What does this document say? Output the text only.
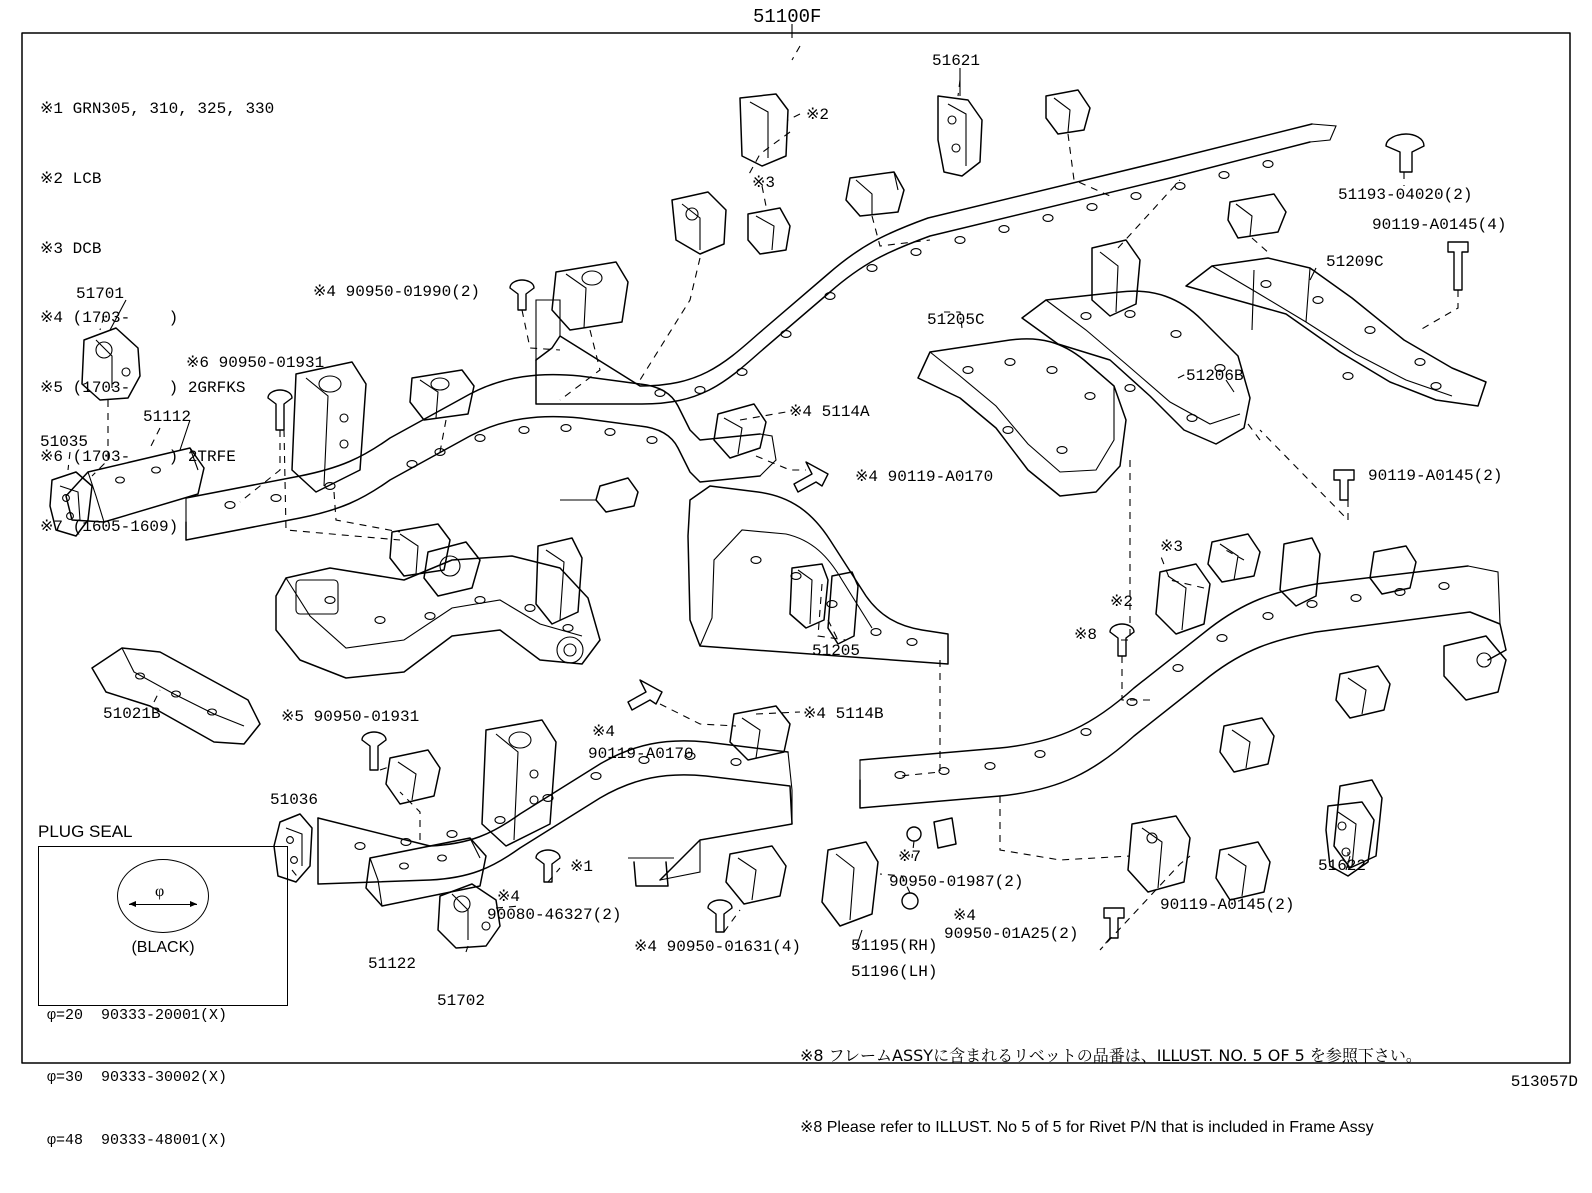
51100F

※1 GRN305, 310, 325, 330

※2 LCB

※3 DCB

※4 (1703-    )

※5 (1703-    ) 2GRFKS

※6 (1703-    ) 2TRFE

※7 (1605-1609)

PLUG SEAL
φ
(BLACK)

φ=20  90333-20001(X)

φ=30  90333-30002(X)

φ=48  90333-48001(X)

※8 フレームASSYに含まれるリベットの品番は、ILLUST. NO. 5 OF 5 を参照下さい。

※8 Please refer to ILLUST. No 5 of 5 for Rivet P/N that is included in Frame Assy

513057D
51621
※2
※3
51193-04020(2)
90119-A0145(4)
51209C
※4 90950-01990(2)
51701
51205C
※6 90950-01931
51206B
51112	※4 5114A
51035
※4 90119-A0170	90119-A0145(2)
※3
※2
51205
※8
51021B	※5 90950-01931
※4
※4 5114B
90119-A0170
51036
51622
※7
90950-01987(2)
※1
※4
90080-46327(2)	※4
90950-01A25(2)
90119-A0145(2)
51122
51195(RH)
51196(LH)
※4 90950-01631(4)
51702
